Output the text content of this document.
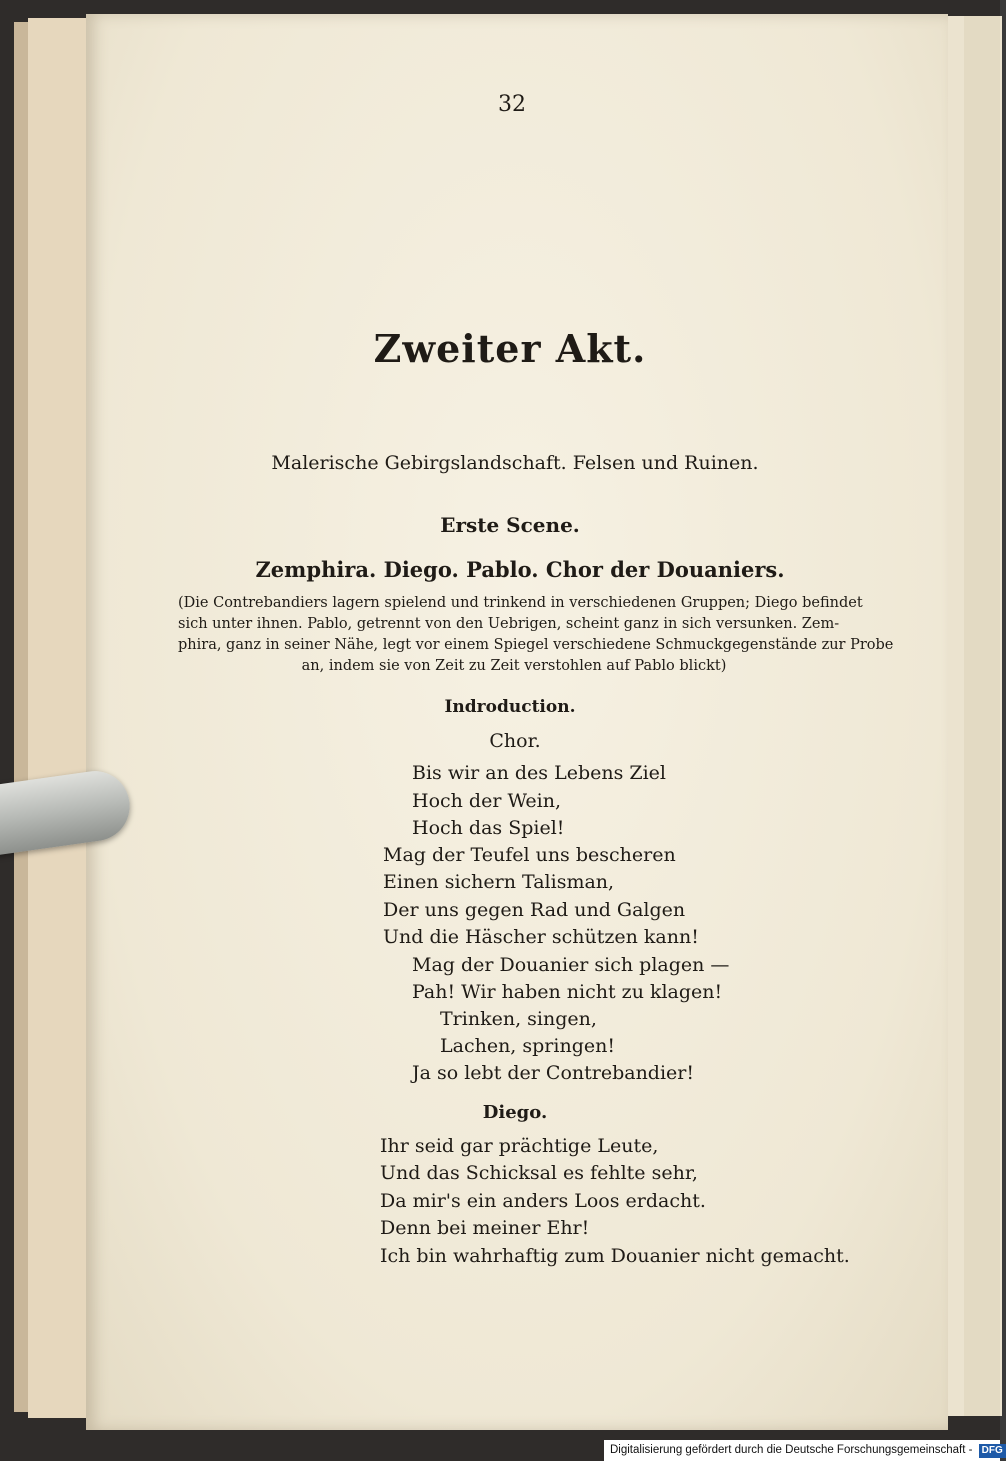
32
Zweiter Akt.
Malerische Gebirgslandschaft. Felsen und Ruinen.
Erste Scene.
Zemphira. Diego. Pablo. Chor der Douaniers.
(Die Contrebandiers lagern spielend und trinkend in verschiedenen Gruppen; Diego befindet
sich unter ihnen. Pablo, getrennt von den Uebrigen, scheint ganz in sich versunken. Zem-
phira, ganz in seiner Nähe, legt vor einem Spiegel verschiedene Schmuckgegenstände zur Probe
an, indem sie von Zeit zu Zeit verstohlen auf Pablo blickt)
Indroduction.
Chor.
Bis wir an des Lebens Ziel
Hoch der Wein,
Hoch das Spiel!
Mag der Teufel uns bescheren
Einen sichern Talisman,
Der uns gegen Rad und Galgen
Und die Häscher schützen kann!
Mag der Douanier sich plagen —
Pah! Wir haben nicht zu klagen!
Trinken, singen,
Lachen, springen!
Ja so lebt der Contrebandier!
Diego.
Ihr seid gar prächtige Leute,
Und das Schicksal es fehlte sehr,
Da mir's ein anders Loos erdacht.
Denn bei meiner Ehr!
Ich bin wahrhaftig zum Douanier nicht gemacht.
Digitalisierung gefördert durch die Deutsche Forschungsgemeinschaft - DFG
